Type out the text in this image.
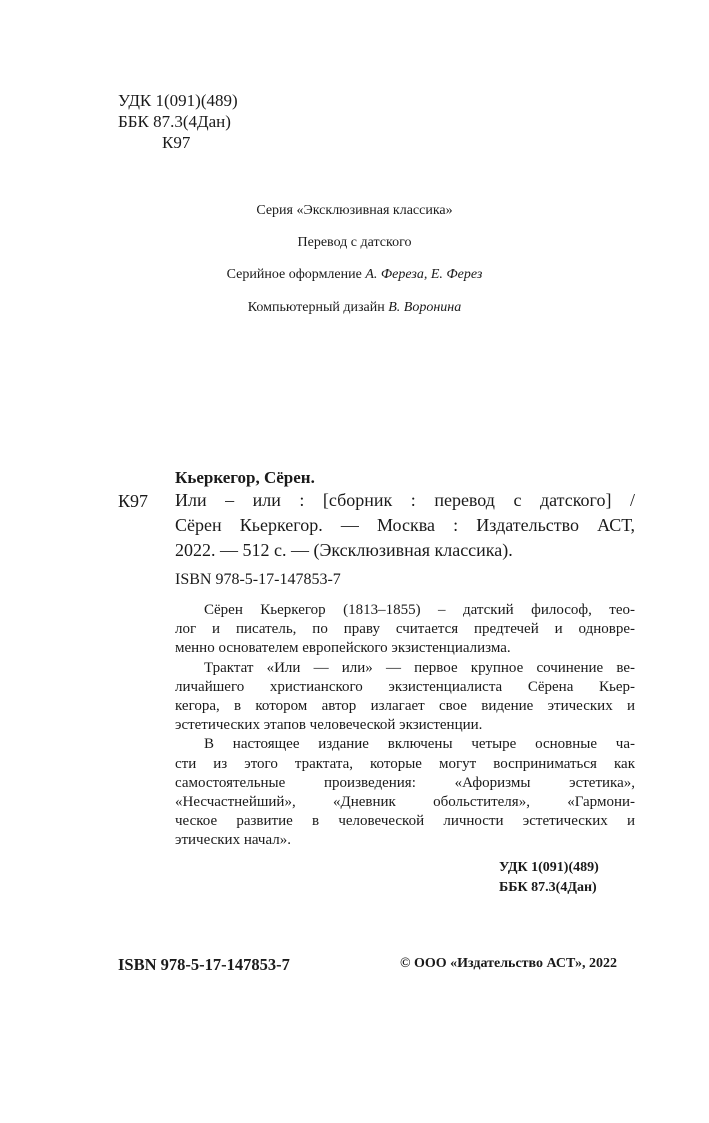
УДК 1(091)(489)
ББК 87.3(4Дан)
К97
Серия «Эксклюзивная классика»
Перевод с датского
Серийное оформление А. Фереза, Е. Ферез
Компьютерный дизайн В. Воронина
Кьеркегор, Сёрен.
К97 Или – или : [сборник : перевод с датского] /
Сёрен Кьеркегор. — Москва : Издательство АСТ,
2022. — 512 с. — (Эксклюзивная классика).
ISBN 978-5-17-147853-7
Сёрен Кьеркегор (1813–1855) – датский философ, тео-
лог и писатель, по праву считается предтечей и одновре-
менно основателем европейского экзистенциализма.
Трактат «Или — или» — первое крупное сочинение ве-
личайшего христианского экзистенциалиста Сёрена Кьер-
кегора, в котором автор излагает свое видение этических и
эстетических этапов человеческой экзистенции.
В настоящее издание включены четыре основные ча-
сти из этого трактата, которые могут восприниматься как
самостоятельные произведения: «Афоризмы эстетика»,
«Несчастнейший», «Дневник обольстителя», «Гармони-
ческое развитие в человеческой личности эстетических и
этических начал».
УДК 1(091)(489)
ББК 87.3(4Дан)
ISBN 978-5-17-147853-7	© ООО «Издательство АСТ», 2022
